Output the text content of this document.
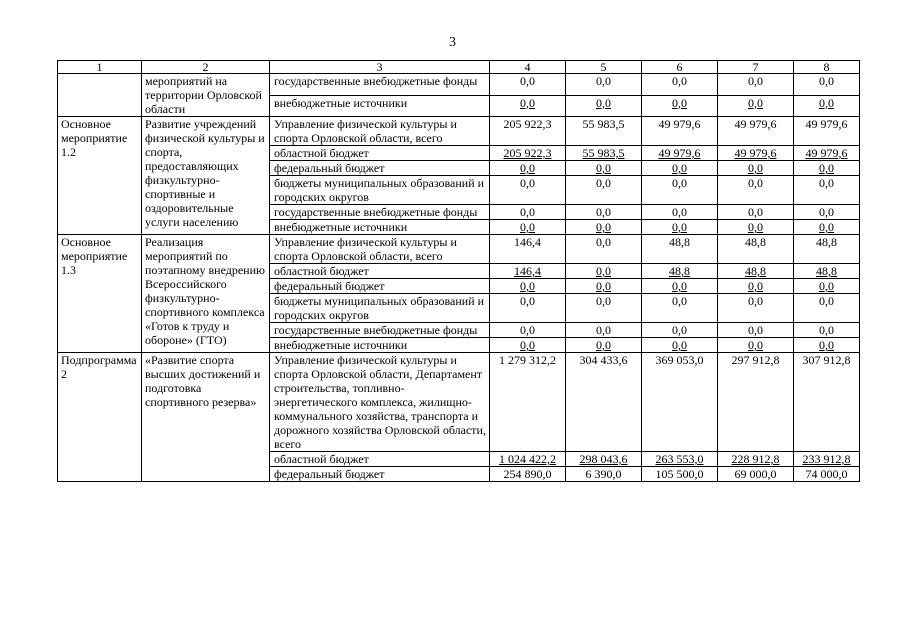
3
1	2	3	4	5	6	7	8
	мероприятий на территории Орловской области	государственные внебюджетные фонды	0,0	0,0	0,0	0,0	0,0
		внебюджетные источники	0,0	0,0	0,0	0,0	0,0
Основное мероприятие 1.2	Развитие учреждений физической культуры и спорта, предоставляющих физкультурно-спортивные и оздоровительные услуги населению	Управление физической культуры и спорта Орловской области, всего	205 922,3	55 983,5	49 979,6	49 979,6	49 979,6
		областной бюджет	205 922,3	55 983,5	49 979,6	49 979,6	49 979,6
		федеральный бюджет	0,0	0,0	0,0	0,0	0,0
		бюджеты муниципальных образований и городских округов	0,0	0,0	0,0	0,0	0,0
		государственные внебюджетные фонды	0,0	0,0	0,0	0,0	0,0
		внебюджетные источники	0,0	0,0	0,0	0,0	0,0
Основное мероприятие 1.3	Реализация мероприятий по поэтапному внедрению Всероссийского физкультурно-спортивного комплекса «Готов к труду и обороне» (ГТО)	Управление физической культуры и спорта Орловской области, всего	146,4	0,0	48,8	48,8	48,8
		областной бюджет	146,4	0,0	48,8	48,8	48,8
		федеральный бюджет	0,0	0,0	0,0	0,0	0,0
		бюджеты муниципальных образований и городских округов	0,0	0,0	0,0	0,0	0,0
		государственные внебюджетные фонды	0,0	0,0	0,0	0,0	0,0
		внебюджетные источники	0,0	0,0	0,0	0,0	0,0
Подпрограмма 2	«Развитие спорта высших достижений и подготовка спортивного резерва»	Управление физической культуры и спорта Орловской области, Департамент строительства, топливно-энергетического комплекса, жилищно-коммунального хозяйства, транспорта и дорожного хозяйства Орловской области, всего	1 279 312,2	304 433,6	369 053,0	297 912,8	307 912,8
		областной бюджет	1 024 422,2	298 043,6	263 553,0	228 912,8	233 912,8
		федеральный бюджет	254 890,0	6 390,0	105 500,0	69 000,0	74 000,0
